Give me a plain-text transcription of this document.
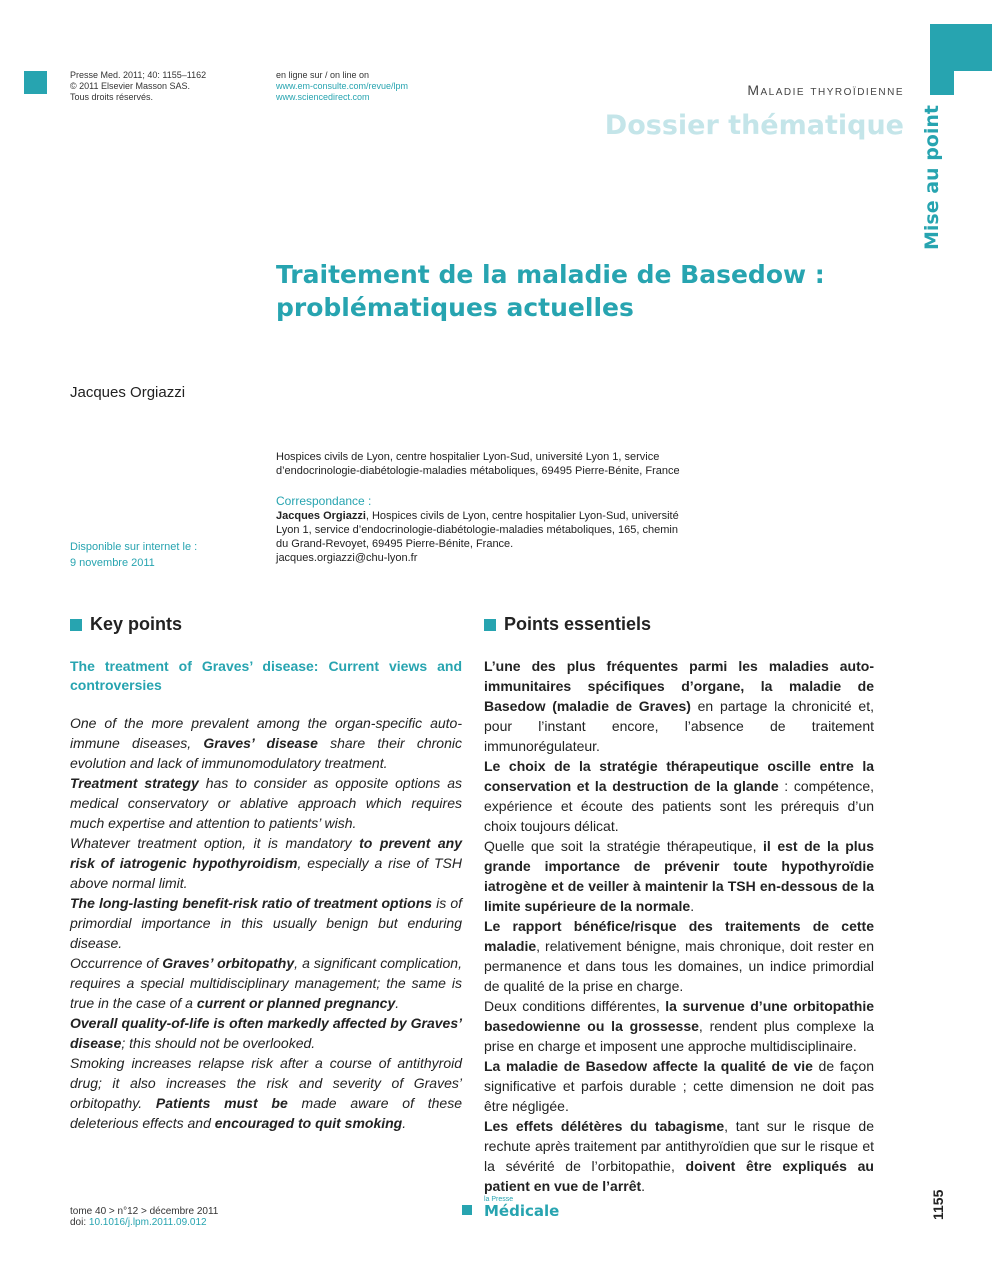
Presse Med. 2011; 40: 1155–1162
© 2011 Elsevier Masson SAS.
Tous droits réservés.
en ligne sur / on line on
www.em-consulte.com/revue/lpm
www.sciencedirect.com	Maladie thyroïdienne
Dossier thématique Mise au point
Traitement de la maladie de Basedow :
problématiques actuelles
Jacques Orgiazzi
Hospices civils de Lyon, centre hospitalier Lyon-Sud, université Lyon 1, service
d’endocrinologie-diabétologie-maladies métaboliques, 69495 Pierre-Bénite, France
Correspondance :
Jacques Orgiazzi, Hospices civils de Lyon, centre hospitalier Lyon-Sud, université
Lyon 1, service d’endocrinologie-diabétologie-maladies métaboliques, 165, chemin
du Grand-Revoyet, 69495 Pierre-Bénite, France.
jacques.orgiazzi@chu-lyon.fr
Disponible sur internet le :
9 novembre 2011
Key points
The treatment of Graves’ disease: Current views and controversies

One of the more prevalent among the organ-specific auto-immune diseases, Graves’ disease share their chronic evolution and lack of immunomodulatory treatment.

Treatment strategy has to consider as opposite options as medical conservatory or ablative approach which requires much expertise and attention to patients’ wish.

Whatever treatment option, it is mandatory to prevent any risk of iatrogenic hypothyroidism, especially a rise of TSH above normal limit.

The long-lasting benefit-risk ratio of treatment options is of primordial importance in this usually benign but enduring disease.

Occurrence of Graves’ orbitopathy, a significant complication, requires a special multidisciplinary management; the same is true in the case of a current or planned pregnancy.

Overall quality-of-life is often markedly affected by Graves’ disease; this should not be overlooked.

Smoking increases relapse risk after a course of antithyroid drug; it also increases the risk and severity of Graves’ orbitopathy. Patients must be made aware of these deleterious effects and encouraged to quit smoking.

Points essentiels

L’une des plus fréquentes parmi les maladies auto-immunitaires spécifiques d’organe, la maladie de Basedow (maladie de Graves) en partage la chronicité et, pour l’instant encore, l’absence de traitement immunorégulateur.

Le choix de la stratégie thérapeutique oscille entre la conservation et la destruction de la glande : compétence, expérience et écoute des patients sont les prérequis d’un choix toujours délicat.

Quelle que soit la stratégie thérapeutique, il est de la plus grande importance de prévenir toute hypothyroïdie iatrogène et de veiller à maintenir la TSH en-dessous de la limite supérieure de la normale.

Le rapport bénéfice/risque des traitements de cette maladie, relativement bénigne, mais chronique, doit rester en permanence et dans tous les domaines, un indice primordial de qualité de la prise en charge.

Deux conditions différentes, la survenue d’une orbitopathie basedowienne ou la grossesse, rendent plus complexe la prise en charge et imposent une approche multidisciplinaire.

La maladie de Basedow affecte la qualité de vie de façon significative et parfois durable ; cette dimension ne doit pas être négligée.

Les effets délétères du tabagisme, tant sur le risque de rechute après traitement par antithyroïdien que sur le risque et la sévérité de l’orbitopathie, doivent être expliqués au patient en vue de l’arrêt.

tome 40 > n°12 > décembre 2011
doi: 10.1016/j.lpm.2011.09.012
la Presse
Médicale	1155
